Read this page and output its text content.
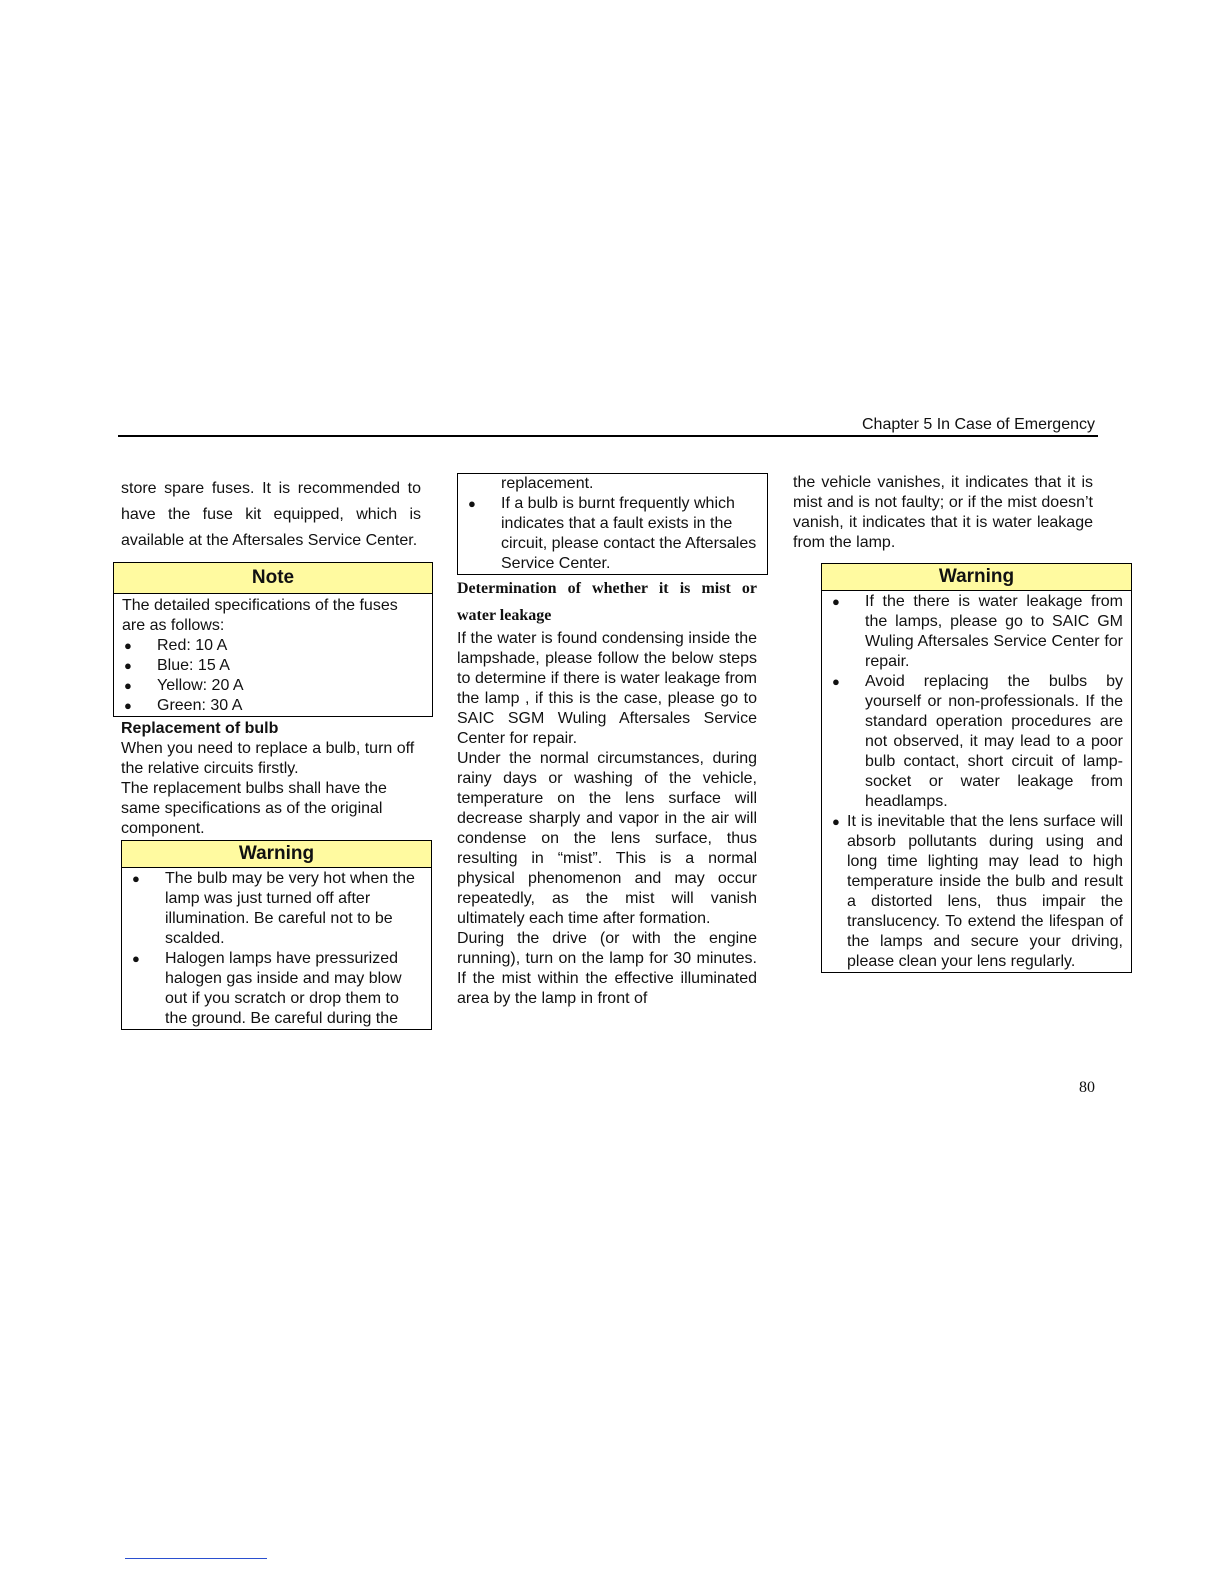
Chapter 5 In Case of Emergency

store spare fuses. It is recommended to have the fuse kit equipped, which is available at the Aftersales Service Center.

Note

The detailed specifications of the fuses are as follows:

● Red: 10 A
● Blue: 15 A
● Yellow: 20 A
● Green: 30 A

Replacement of bulb

When you need to replace a bulb, turn off the relative circuits firstly.

The replacement bulbs shall have the same specifications as of the original component.

Warning
● The bulb may be very hot when the lamp was just turned off after illumination. Be careful not to be scalded.
● Halogen lamps have pressurized halogen gas inside and may blow out if you scratch or drop them to the ground. Be careful during the

replacement.

● If a bulb is burnt frequently which indicates that a fault exists in the circuit, please contact the Aftersales Service Center.

Determination of whether it is mist or water leakage

If the water is found condensing inside the lampshade, please follow the below steps to determine if there is water leakage from the lamp , if this is the case, please go to SAIC SGM Wuling Aftersales Service Center for repair.

Under the normal circumstances, during rainy days or washing of the vehicle, temperature on the lens surface will decrease sharply and vapor in the air will condense on the lens surface, thus resulting in “mist”. This is a normal physical phenomenon and may occur repeatedly, as the mist will vanish ultimately each time after formation.

During the drive (or with the engine running), turn on the lamp for 30 minutes. If the mist within the effective illuminated area by the lamp in front of

the vehicle vanishes, it indicates that it is mist and is not faulty; or if the mist doesn’t vanish, it indicates that it is water leakage from the lamp.

Warning
● If the there is water leakage from the lamps, please go to SAIC GM Wuling Aftersales Service Center for repair.
● Avoid replacing the bulbs by yourself or non-professionals. If the standard operation procedures are not observed, it may lead to a poor bulb contact, short circuit of lamp-socket or water leakage from headlamps.
● It is inevitable that the lens surface will absorb pollutants during using and long time lighting may lead to high temperature inside the bulb and result a distorted lens, thus impair the translucency. To extend the lifespan of the lamps and secure your driving, please clean your lens regularly.
80
